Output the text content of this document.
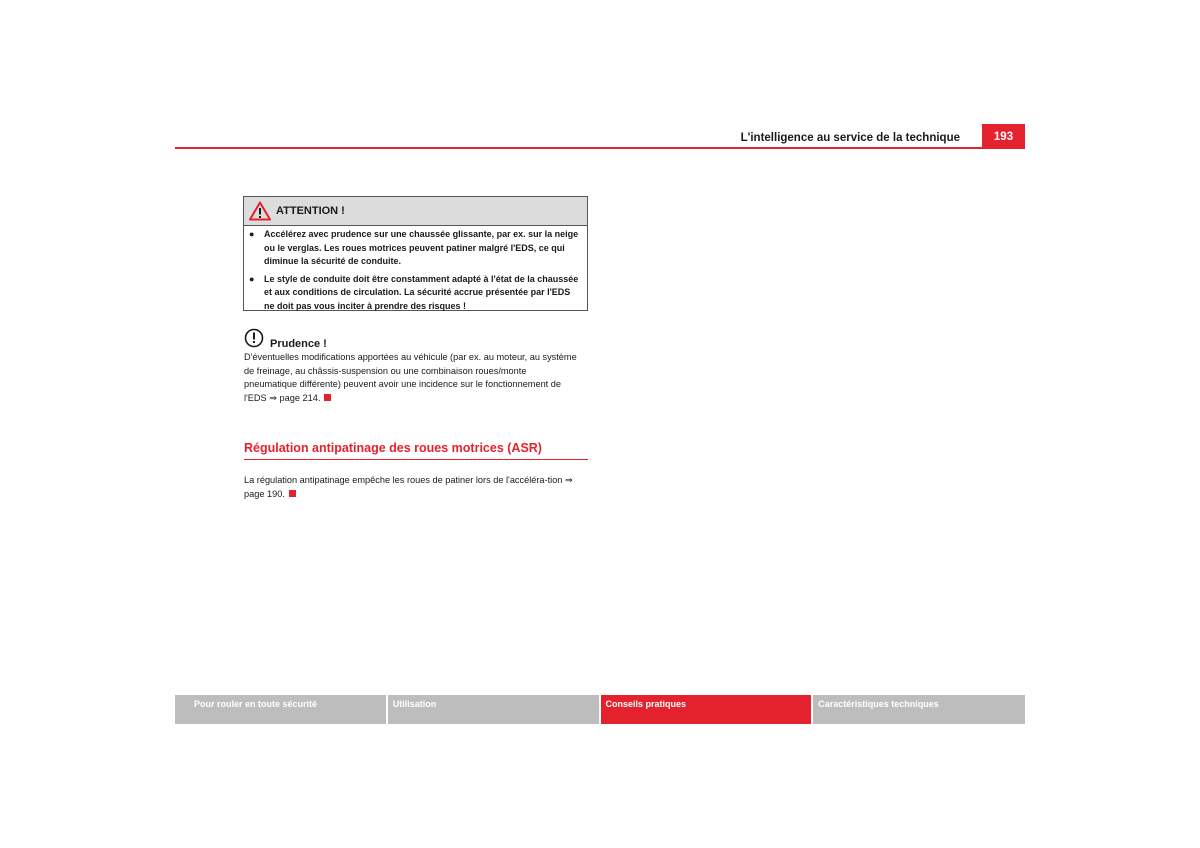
L'intelligence au service de la technique	193
ATTENTION !
● Accélérez avec prudence sur une chaussée glissante, par ex. sur la neige ou le verglas. Les roues motrices peuvent patiner malgré l'EDS, ce qui diminue la sécurité de conduite.
● Le style de conduite doit être constamment adapté à l'état de la chaussée et aux conditions de circulation. La sécurité accrue présentée par l'EDS ne doit pas vous inciter à prendre des risques !
Prudence !
D'éventuelles modifications apportées au véhicule (par ex. au moteur, au système de freinage, au châssis-suspension ou une combinaison roues/monte pneumatique différente) peuvent avoir une incidence sur le fonctionnement de l'EDS ⇒ page 214.
Régulation antipatinage des roues motrices (ASR)
La régulation antipatinage empêche les roues de patiner lors de l'accéléra-tion ⇒ page 190.
Pour rouler en toute sécurité	Utilisation	Conseils pratiques	Caractéristiques techniques
